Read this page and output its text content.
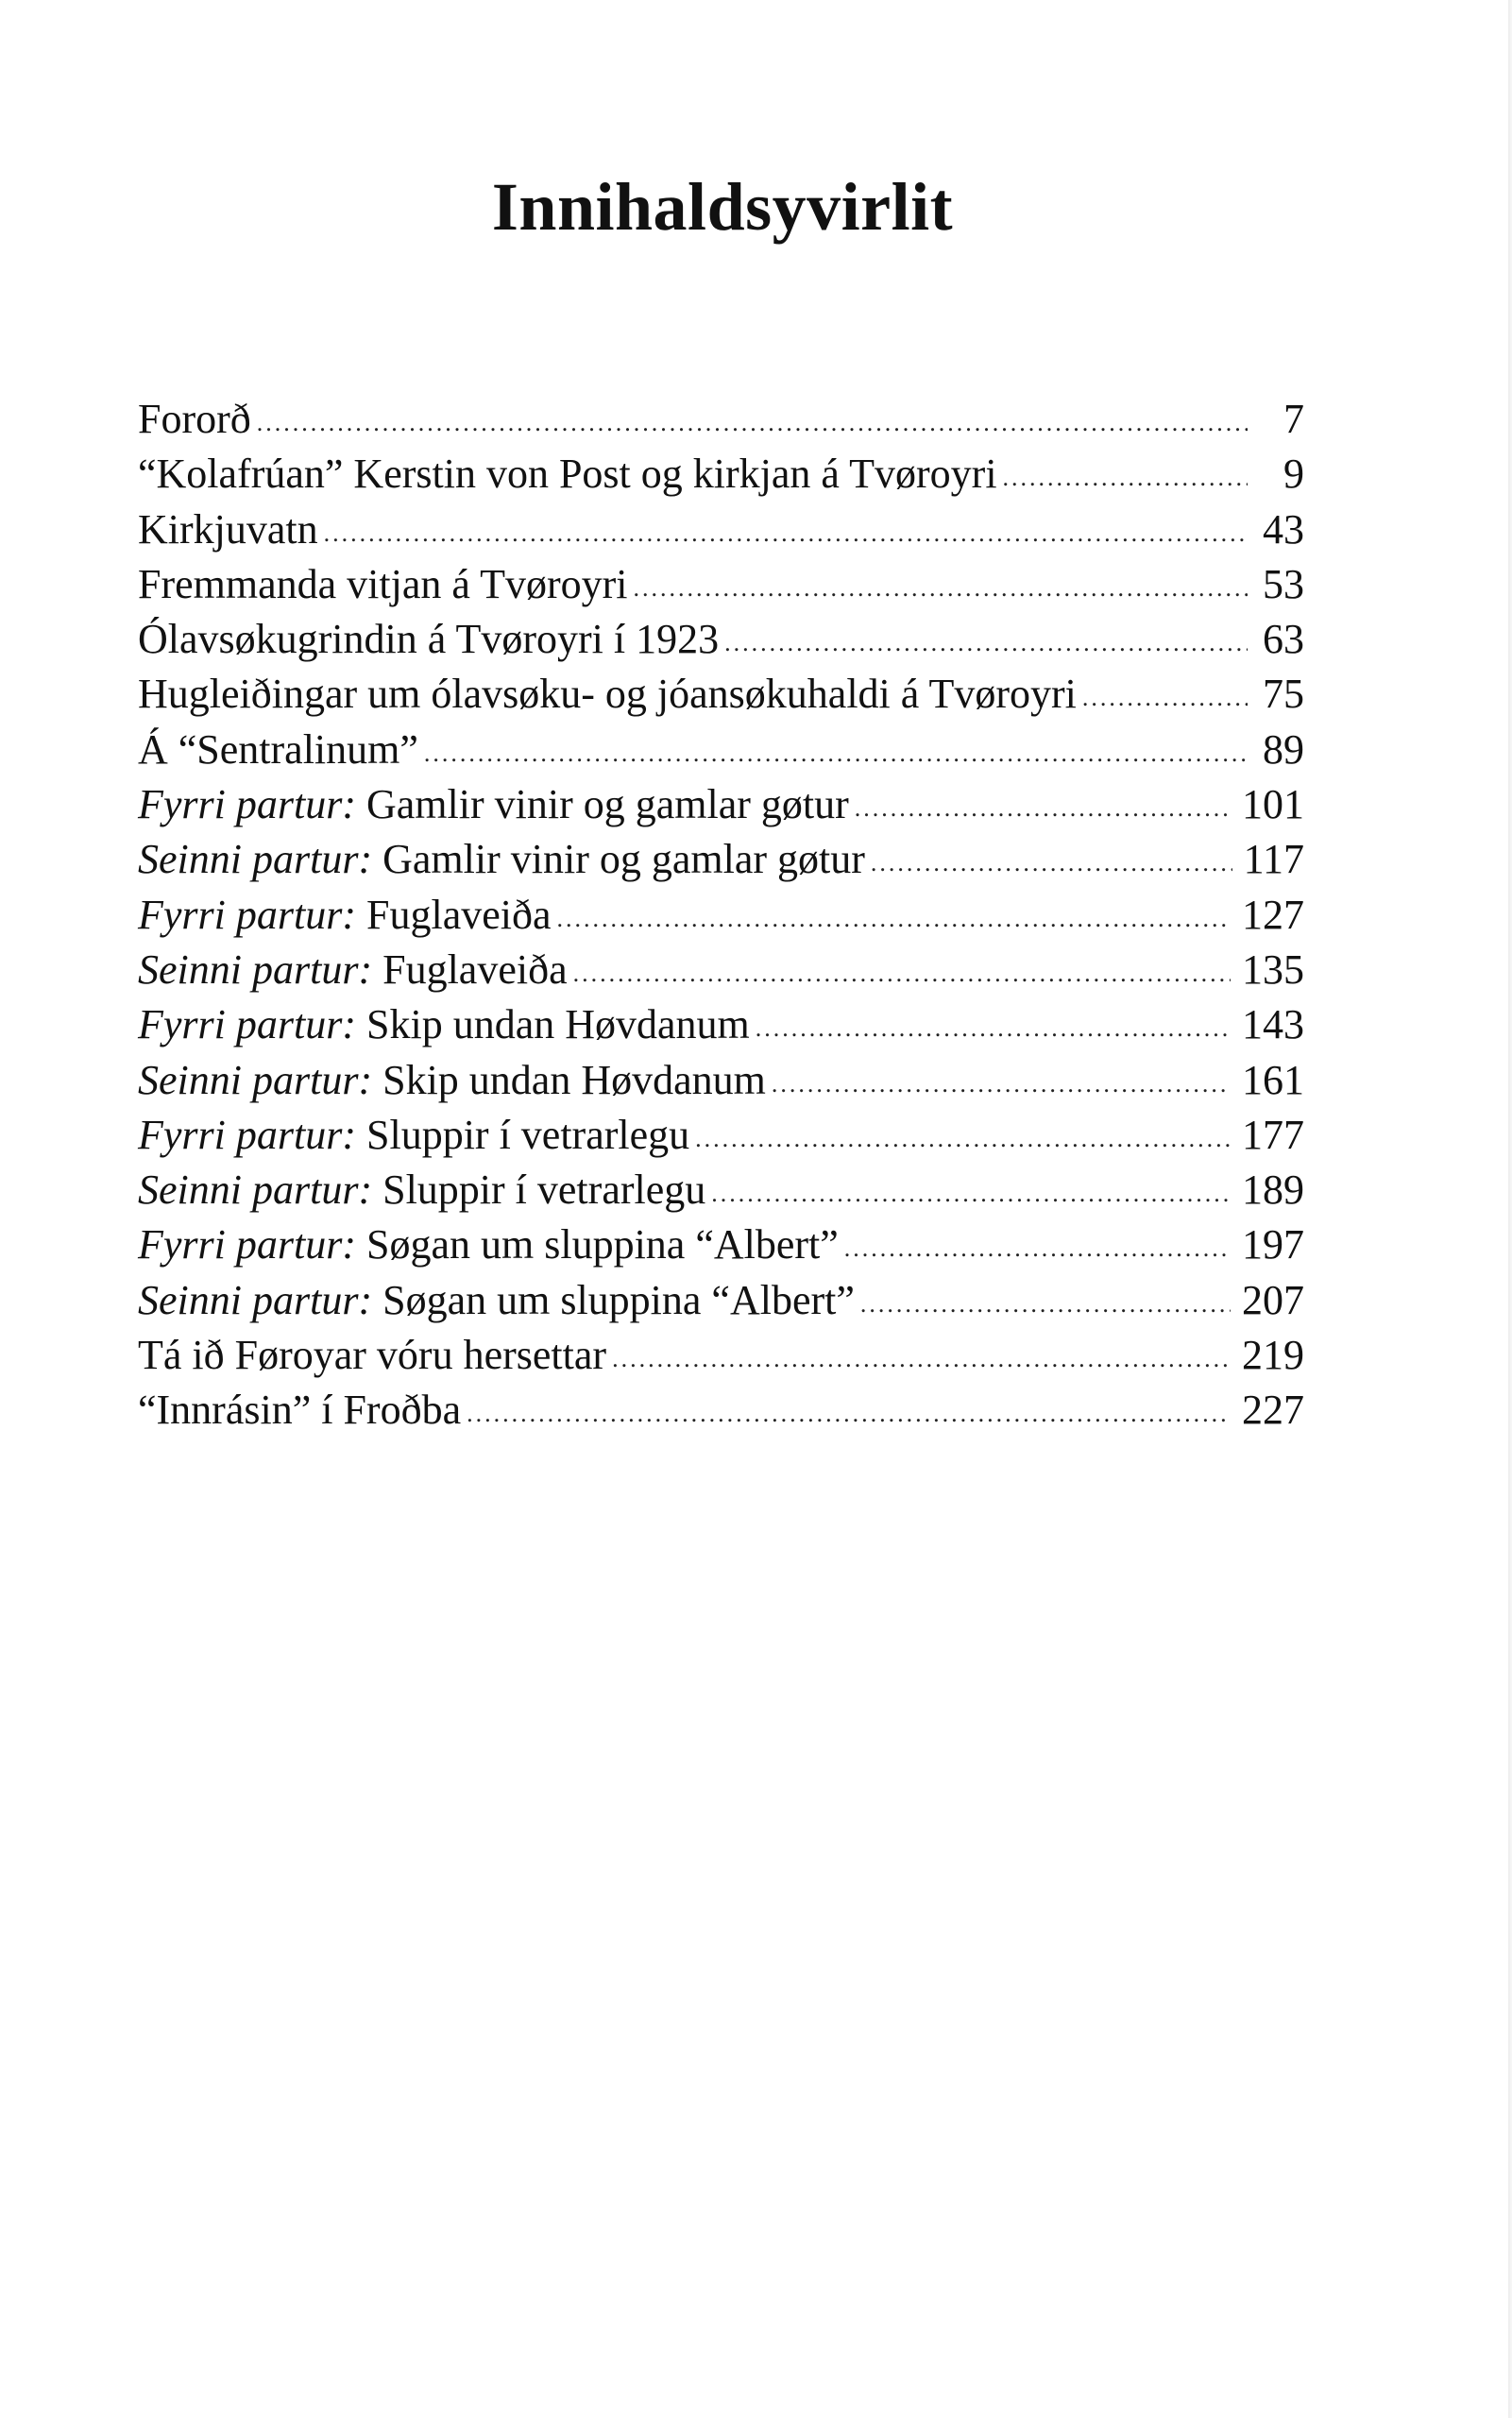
Innihaldsyvirlit
Fororð .....	7
“Kolafrúan” Kerstin von Post og kirkjan á Tvøroyri .....	9
Kirkjuvatn .....	43
Fremmanda vitjan á Tvøroyri .....	53
Ólavsøkugrindin á Tvøroyri í 1923 .....	63
Hugleiðingar um ólavsøku- og jóansøkuhaldi á Tvøroyri .....	75
Á “Sentralinum” .....	89
Fyrri partur: Gamlir vinir og gamlar gøtur .....	101
Seinni partur: Gamlir vinir og gamlar gøtur .....	117
Fyrri partur: Fuglaveiða .....	127
Seinni partur: Fuglaveiða .....	135
Fyrri partur: Skip undan Høvdanum .....	143
Seinni partur: Skip undan Høvdanum .....	161
Fyrri partur: Sluppir í vetrarlegu .....	177
Seinni partur: Sluppir í vetrarlegu .....	189
Fyrri partur: Søgan um sluppina “Albert” .....	197
Seinni partur: Søgan um sluppina “Albert” .....	207
Tá ið Føroyar vóru hersettar .....	219
“Innrásin” í Froðba .....	227
